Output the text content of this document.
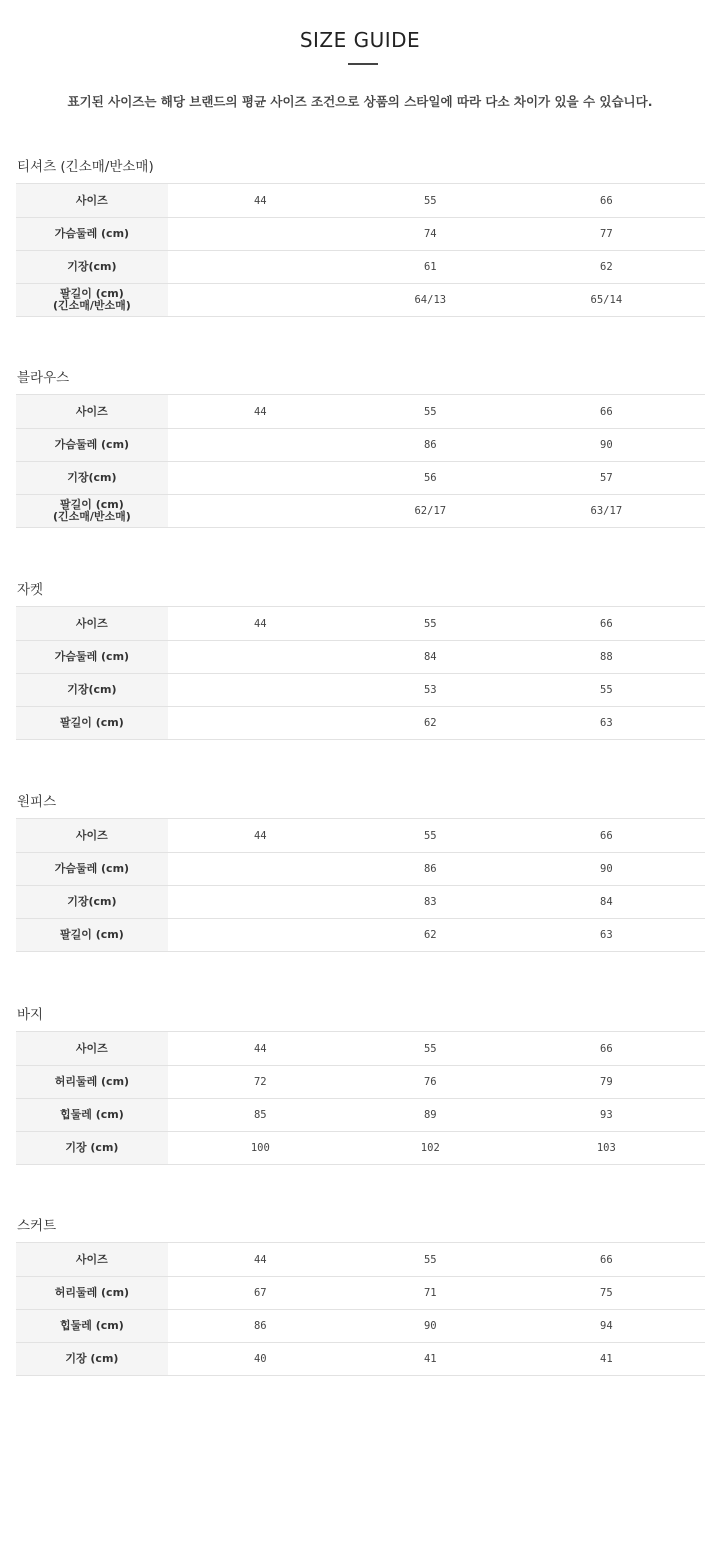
SIZE GUIDE
표기된 사이즈는 해당 브랜드의 평균 사이즈 조건으로 상품의 스타일에 따라 다소 차이가 있을 수 있습니다.
티셔츠 (긴소매/반소매)
사이즈	44	55	66

가슴둘레 (cm)		74	77

기장(cm)		61	62

팔길이 (cm)
(긴소매/반소매)		64/13	65/14
블라우스
사이즈	44	55	66

가슴둘레 (cm)		86	90

기장(cm)		56	57

팔길이 (cm)
(긴소매/반소매)		62/17	63/17
자켓
사이즈	44	55	66

가슴둘레 (cm)		84	88

기장(cm)		53	55

팔길이 (cm)		62	63
원피스
사이즈	44	55	66

가슴둘레 (cm)		86	90

기장(cm)		83	84

팔길이 (cm)		62	63
바지
사이즈	44	55	66

허리둘레 (cm)	72	76	79

힙둘레 (cm)	85	89	93

기장 (cm)	100	102	103
스커트
사이즈	44	55	66

허리둘레 (cm)	67	71	75

힙둘레 (cm)	86	90	94

기장 (cm)	40	41	41
